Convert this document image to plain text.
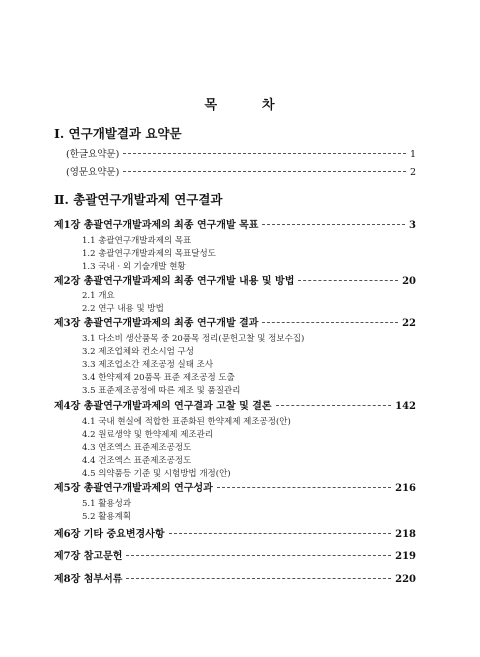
목	차
Ⅰ. 연구개발결과 요약문
(한글요약문)	1
(영문요약문)	2
Ⅱ. 총괄연구개발과제 연구결과
제1장 총괄연구개발과제의 최종 연구개발 목표	3
1.1 총괄연구개발과제의 목표
1.2 총괄연구개발과제의 목표달성도
1.3 국내 · 외 기술개발 현황
제2장 총괄연구개발과제의 최종 연구개발 내용 및 방법	20
2.1 개요
2.2 연구 내용 및 방법
제3장 총괄연구개발과제의 최종 연구개발 결과	22
3.1 다소비 생산품목 중 20품목 정리(문헌고찰 및 정보수집)
3.2 제조업체와 컨소시엄 구성
3.3 제조업소간 제조공정 실태 조사
3.4 한약제제 20품목 표준 제조공정 도출
3.5 표준제조공정에 따른 제조 및 품질관리
제4장 총괄연구개발과제의 연구결과 고찰 및 결론	142
4.1 국내 현실에 적합한 표준화된 한약제제 제조공정(안)
4.2 원료생약 및 한약제제 제조관리
4.3 연조엑스 표준제조공정도
4.4 건조엑스 표준제조공정도
4.5 의약품등 기준 및 시험방법 개정(안)
제5장 총괄연구개발과제의 연구성과	216
5.1 활용성과
5.2 활용계획
제6장 기타 중요변경사항	218
제7장 참고문헌	219
제8장 첨부서류	220
